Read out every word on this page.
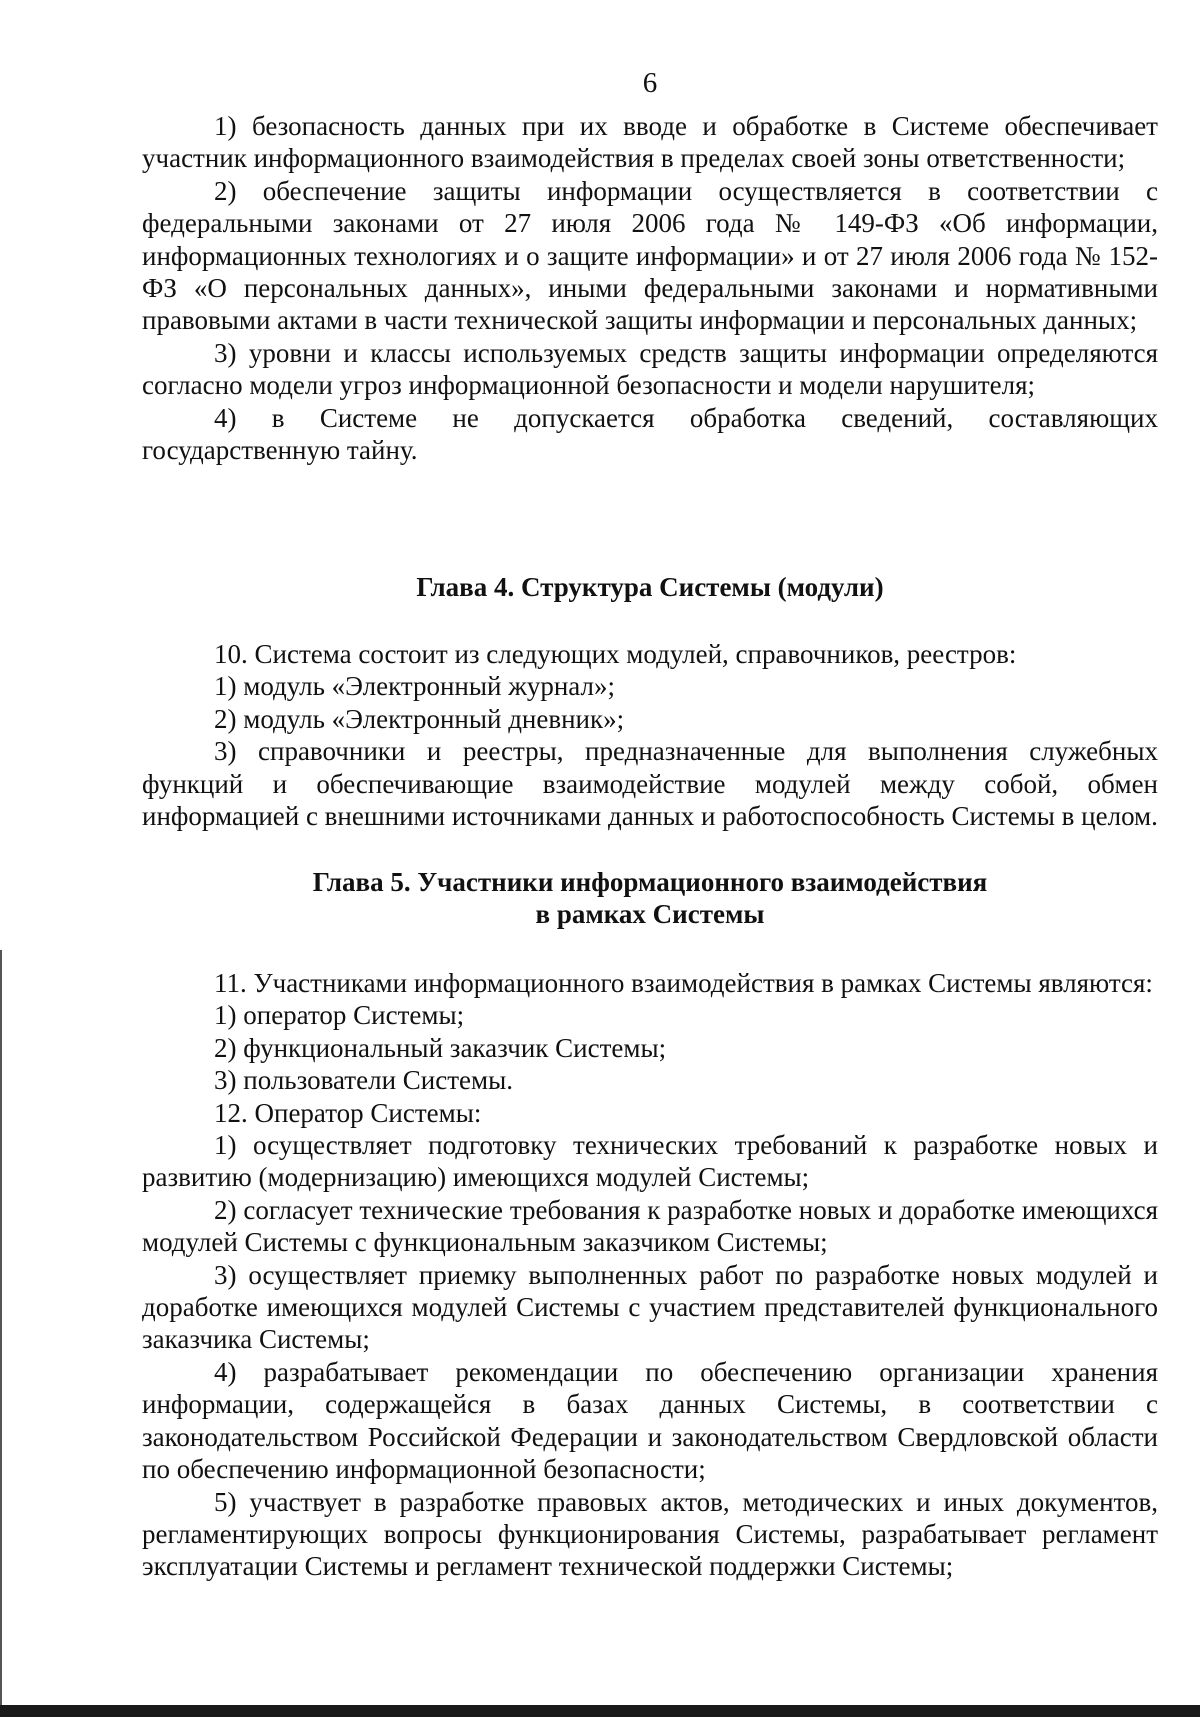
6

1) безопасность данных при их вводе и обработке в Системе обеспечивает участник информационного взаимодействия в пределах своей зоны ответственности;

2) обеспечение защиты информации осуществляется в соответствии с федеральными законами от 27 июля 2006 года № 149-ФЗ «Об информации, информационных технологиях и о защите информации» и от 27 июля 2006 года № 152-ФЗ «О персональных данных», иными федеральными законами и нормативными правовыми актами в части технической защиты информации и персональных данных;

3) уровни и классы используемых средств защиты информации определяются согласно модели угроз информационной безопасности и модели нарушителя;

4) в Системе не допускается обработка сведений, составляющих государственную тайну.

Глава 4. Структура Системы (модули)

10. Система состоит из следующих модулей, справочников, реестров:

1) модуль «Электронный журнал»;

2) модуль «Электронный дневник»;

3) справочники и реестры, предназначенные для выполнения служебных функций и обеспечивающие взаимодействие модулей между собой, обмен информацией с внешними источниками данных и работоспособность Системы в целом.

Глава 5. Участники информационного взаимодействия
в рамках Системы

11. Участниками информационного взаимодействия в рамках Системы являются:

1) оператор Системы;

2) функциональный заказчик Системы;

3) пользователи Системы.

12. Оператор Системы:

1) осуществляет подготовку технических требований к разработке новых и развитию (модернизацию) имеющихся модулей Системы;

2) согласует технические требования к разработке новых и доработке имеющихся модулей Системы с функциональным заказчиком Системы;

3) осуществляет приемку выполненных работ по разработке новых модулей и доработке имеющихся модулей Системы с участием представителей функционального заказчика Системы;

4) разрабатывает рекомендации по обеспечению организации хранения информации, содержащейся в базах данных Системы, в соответствии с законодательством Российской Федерации и законодательством Свердловской области по обеспечению информационной безопасности;

5) участвует в разработке правовых актов, методических и иных документов, регламентирующих вопросы функционирования Системы, разрабатывает регламент эксплуатации Системы и регламент технической поддержки Системы;
